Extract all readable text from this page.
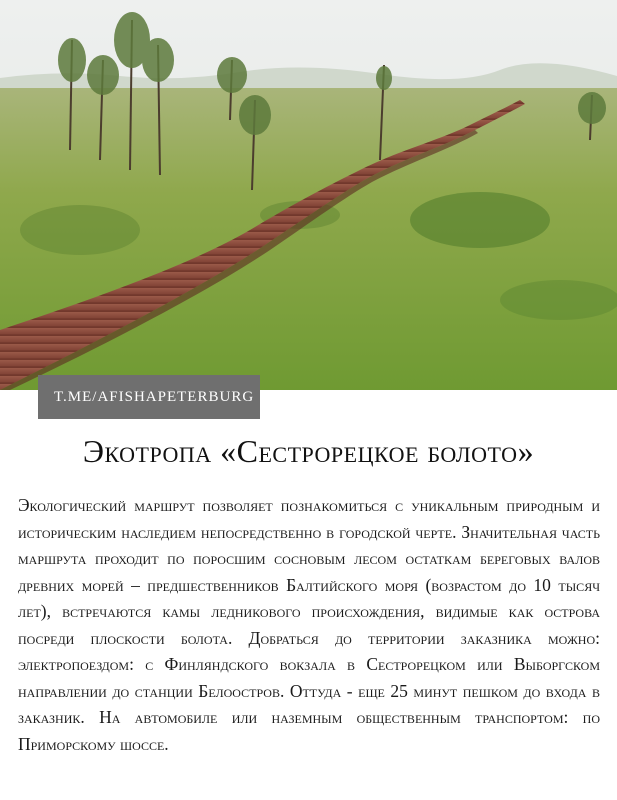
T.ME/AFISHAPETERBURG
Экотропа «Сестрорецкое болото»

Экологический маршрут позволяет познакомиться с уникальным природным и историческим наследием непосредственно в городской черте. Значительная часть маршрута проходит по поросшим сосновым лесом остаткам береговых валов древних морей – предшественников Балтийского моря (возрастом до 10 тысяч лет), встречаются камы ледникового происхождения, видимые как острова посреди плоскости болота. Добраться до территории заказника можно: электропоездом: с Финляндского вокзала в Сестрорецком или Выборгском направлении до станции Белоостров. Оттуда - еще 25 минут пешком до входа в заказник. На автомобиле или наземным общественным транспортом: по Приморскому шоссе.
